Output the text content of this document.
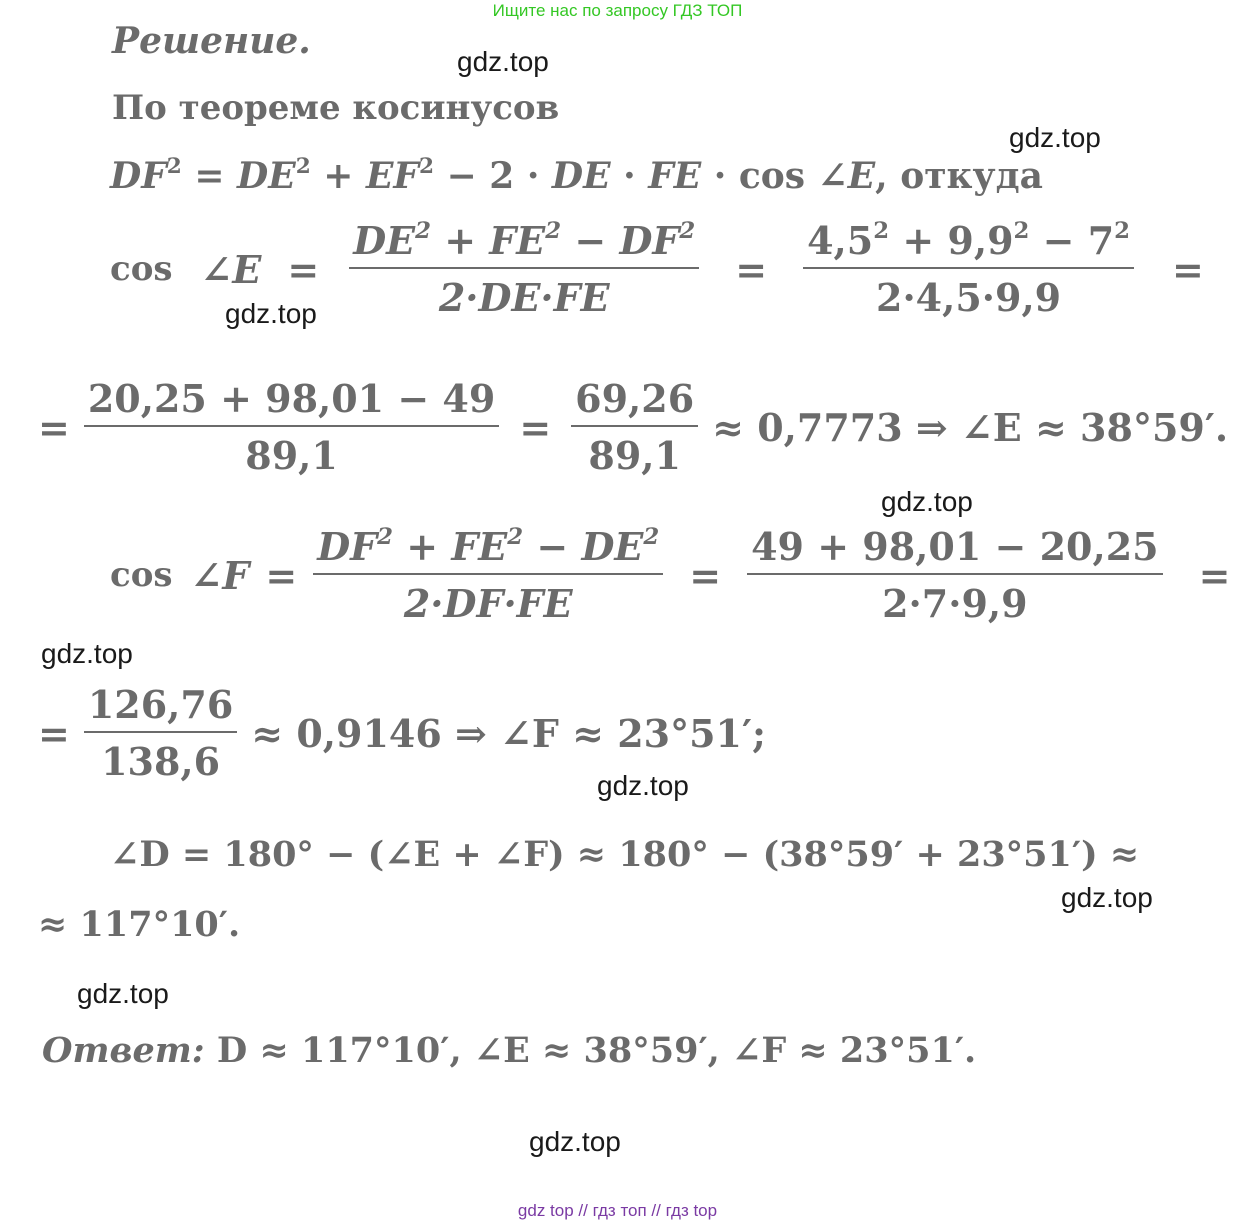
Ищите нас по запросу ГДЗ ТОП
Решение.
По теореме косинусов
$DF^2 = DE^2 + EF^2 - 2$ · DE · FE · cos ∠E, откуда
cos ∠E = $\frac{DE^2 + FE^2 - DF^2}{2\cdot DE\cdot FE} = \frac{4,5^2 + 9,9^2 - 7^2}{2\cdot 4,5\cdot 9,9}$ =
= $\frac{20,25 + 98,01 - 49}{89,1} = \frac{69,26}{89,1} \approx 0,7773$ ⇒ ∠E ≈ 38°59′.
cos ∠F = $\frac{DF^2 + FE^2 - DE^2}{2\cdot DF\cdot FE} = \frac{49 + 98,01 - 20,25}{2\cdot 7\cdot 9,9}$ =
= $\frac{126,76}{138,6} \approx 0,9146$ ⇒ ∠F ≈ 23°51′;
∠D = 180° − (∠E + ∠F) ≈ 180° − (38°59′ + 23°51′) ≈
≈ 117°10′.
Ответ: D ≈ 117°10′, ∠E ≈ 38°59′, ∠F ≈ 23°51′.
gdz.top
gdz.top
gdz.top
gdz.top
gdz.top
gdz.top
gdz.top
gdz.top
gdz.top
gdz top // гдз топ // гдз top
